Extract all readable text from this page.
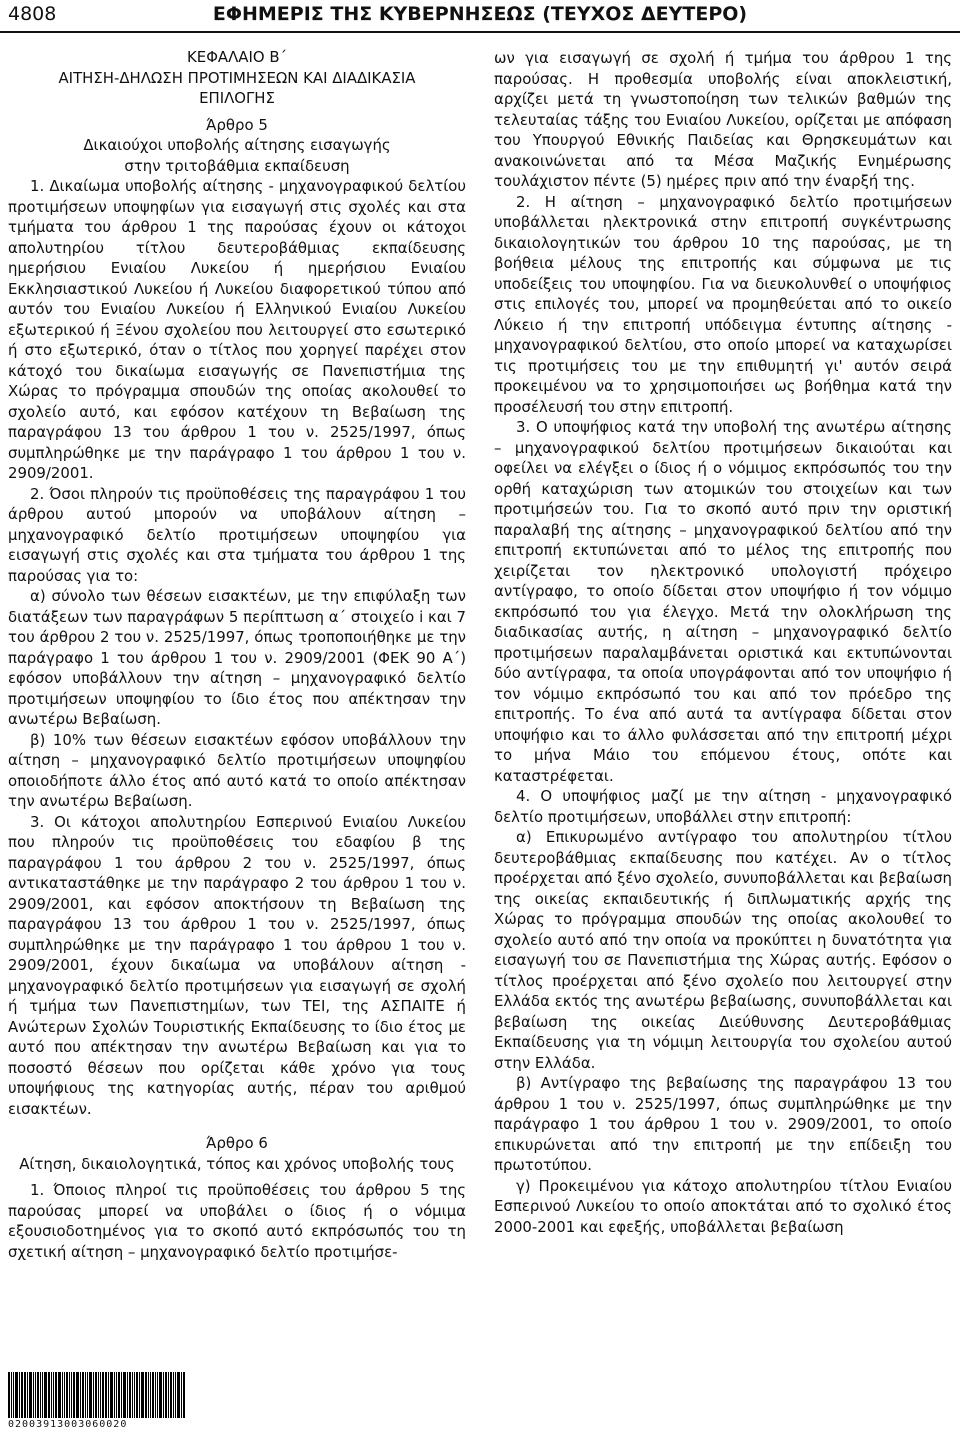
4808	ΕΦΗΜΕΡΙΣ ΤΗΣ ΚΥΒΕΡΝΗΣΕΩΣ (ΤΕΥΧΟΣ ΔΕΥΤΕΡΟ)

ΚΕΦΑΛΑΙΟ Β΄

ΑΙΤΗΣΗ-ΔΗΛΩΣΗ ΠΡΟΤΙΜΗΣΕΩΝ ΚΑΙ ΔΙΑΔΙΚΑΣΙΑ

ΕΠΙΛΟΓΗΣ

Άρθρο 5

Δικαιούχοι υποβολής αίτησης εισαγωγής

στην τριτοβάθμια εκπαίδευση

1. Δικαίωμα υποβολής αίτησης - μηχανογραφικού δελτίου προτιμήσεων υποψηφίων για εισαγωγή στις σχολές και στα τμήματα του άρθρου 1 της παρούσας έχουν οι κάτοχοι απολυτηρίου τίτλου δευτεροβάθμιας εκπαίδευσης ημερήσιου Ενιαίου Λυκείου ή ημερήσιου Ενιαίου Εκκλησιαστικού Λυκείου ή Λυκείου διαφορετικού τύπου από αυτόν του Ενιαίου Λυκείου ή Ελληνικού Ενιαίου Λυκείου εξωτερικού ή Ξένου σχολείου που λειτουργεί στο εσωτερικό ή στο εξωτερικό, όταν ο τίτλος που χορηγεί παρέχει στον κάτοχό του δικαίωμα εισαγωγής σε Πανεπιστήμια της Χώρας το πρόγραμμα σπουδών της οποίας ακολουθεί το σχολείο αυτό, και εφόσον κατέχουν τη Βεβαίωση της παραγράφου 13 του άρθρου 1 του ν. 2525/1997, όπως συμπληρώθηκε με την παράγραφο 1 του άρθρου 1 του ν. 2909/2001.

2. Όσοι πληρούν τις προϋποθέσεις της παραγράφου 1 του άρθρου αυτού μπορούν να υποβάλουν αίτηση – μηχανογραφικό δελτίο προτιμήσεων υποψηφίου για εισαγωγή στις σχολές και στα τμήματα του άρθρου 1 της παρούσας για το:

α) σύνολο των θέσεων εισακτέων, με την επιφύλαξη των διατάξεων των παραγράφων 5 περίπτωση α΄ στοιχείο i και 7 του άρθρου 2 του ν. 2525/1997, όπως τροποποιήθηκε με την παράγραφο 1 του άρθρου 1 του ν. 2909/2001 (ΦΕΚ 90 Α΄) εφόσον υποβάλλουν την αίτηση – μηχανογραφικό δελτίο προτιμήσεων υποψηφίου το ίδιο έτος που απέκτησαν την ανωτέρω Βεβαίωση.

β) 10% των θέσεων εισακτέων εφόσον υποβάλλουν την αίτηση – μηχανογραφικό δελτίο προτιμήσεων υποψηφίου οποιοδήποτε άλλο έτος από αυτό κατά το οποίο απέκτησαν την ανωτέρω Βεβαίωση.

3. Οι κάτοχοι απολυτηρίου Εσπερινού Ενιαίου Λυκείου που πληρούν τις προϋποθέσεις του εδαφίου β της παραγράφου 1 του άρθρου 2 του ν. 2525/1997, όπως αντικαταστάθηκε με την παράγραφο 2 του άρθρου 1 του ν. 2909/2001, και εφόσον αποκτήσουν τη Βεβαίωση της παραγράφου 13 του άρθρου 1 του ν. 2525/1997, όπως συμπληρώθηκε με την παράγραφο 1 του άρθρου 1 του ν. 2909/2001, έχουν δικαίωμα να υποβάλουν αίτηση - μηχανογραφικό δελτίο προτιμήσεων για εισαγωγή σε σχολή ή τμήμα των Πανεπιστημίων, των ΤΕΙ, της ΑΣΠΑΙΤΕ ή Ανώτερων Σχολών Τουριστικής Εκπαίδευσης το ίδιο έτος με αυτό που απέκτησαν την ανωτέρω Βεβαίωση και για το ποσοστό θέσεων που ορίζεται κάθε χρόνο για τους υποψήφιους της κατηγορίας αυτής, πέραν του αριθμού εισακτέων.

Άρθρο 6

Αίτηση, δικαιολογητικά, τόπος και χρόνος υποβολής τους

1. Όποιος πληροί τις προϋποθέσεις του άρθρου 5 της παρούσας μπορεί να υποβάλει ο ίδιος ή ο νόμιμα εξουσιοδοτημένος για το σκοπό αυτό εκπρόσωπός του τη σχετική αίτηση – μηχανογραφικό δελτίο προτιμήσε-

ων για εισαγωγή σε σχολή ή τμήμα του άρθρου 1 της παρούσας. Η προθεσμία υποβολής είναι αποκλειστική, αρχίζει μετά τη γνωστοποίηση των τελικών βαθμών της τελευταίας τάξης του Ενιαίου Λυκείου, ορίζεται με απόφαση του Υπουργού Εθνικής Παιδείας και Θρησκευμάτων και ανακοινώνεται από τα Μέσα Μαζικής Ενημέρωσης τουλάχιστον πέντε (5) ημέρες πριν από την έναρξή της.

2. Η αίτηση – μηχανογραφικό δελτίο προτιμήσεων υποβάλλεται ηλεκτρονικά στην επιτροπή συγκέντρωσης δικαιολογητικών του άρθρου 10 της παρούσας, με τη βοήθεια μέλους της επιτροπής και σύμφωνα με τις υποδείξεις του υποψηφίου. Για να διευκολυνθεί ο υποψήφιος στις επιλογές του, μπορεί να προμηθεύεται από το οικείο Λύκειο ή την επιτροπή υπόδειγμα έντυπης αίτησης - μηχανογραφικού δελτίου, στο οποίο μπορεί να καταχωρίσει τις προτιμήσεις του με την επιθυμητή γι' αυτόν σειρά προκειμένου να το χρησιμοποιήσει ως βοήθημα κατά την προσέλευσή του στην επιτροπή.

3. Ο υποψήφιος κατά την υποβολή της ανωτέρω αίτησης – μηχανογραφικού δελτίου προτιμήσεων δικαιούται και οφείλει να ελέγξει ο ίδιος ή ο νόμιμος εκπρόσωπός του την ορθή καταχώριση των ατομικών του στοιχείων και των προτιμήσεών του. Για το σκοπό αυτό πριν την οριστική παραλαβή της αίτησης – μηχανογραφικού δελτίου από την επιτροπή εκτυπώνεται από το μέλος της επιτροπής που χειρίζεται τον ηλεκτρονικό υπολογιστή πρόχειρο αντίγραφο, το οποίο δίδεται στον υποψήφιο ή τον νόμιμο εκπρόσωπό του για έλεγχο. Μετά την ολοκλήρωση της διαδικασίας αυτής, η αίτηση – μηχανογραφικό δελτίο προτιμήσεων παραλαμβάνεται οριστικά και εκτυπώνονται δύο αντίγραφα, τα οποία υπογράφονται από τον υποψήφιο ή τον νόμιμο εκπρόσωπό του και από τον πρόεδρο της επιτροπής. Το ένα από αυτά τα αντίγραφα δίδεται στον υποψήφιο και το άλλο φυλάσσεται από την επιτροπή μέχρι το μήνα Μάιο του επόμενου έτους, οπότε και καταστρέφεται.

4. Ο υποψήφιος μαζί με την αίτηση - μηχανογραφικό δελτίο προτιμήσεων, υποβάλλει στην επιτροπή:

α) Επικυρωμένο αντίγραφο του απολυτηρίου τίτλου δευτεροβάθμιας εκπαίδευσης που κατέχει. Αν ο τίτλος προέρχεται από ξένο σχολείο, συνυποβάλλεται και βεβαίωση της οικείας εκπαιδευτικής ή διπλωματικής αρχής της Χώρας το πρόγραμμα σπουδών της οποίας ακολουθεί το σχολείο αυτό από την οποία να προκύπτει η δυνατότητα για εισαγωγή του σε Πανεπιστήμια της Χώρας αυτής. Εφόσον ο τίτλος προέρχεται από ξένο σχολείο που λειτουργεί στην Ελλάδα εκτός της ανωτέρω βεβαίωσης, συνυποβάλλεται και βεβαίωση της οικείας Διεύθυνσης Δευτεροβάθμιας Εκπαίδευσης για τη νόμιμη λειτουργία του σχολείου αυτού στην Ελλάδα.

β) Αντίγραφο της βεβαίωσης της παραγράφου 13 του άρθρου 1 του ν. 2525/1997, όπως συμπληρώθηκε με την παράγραφο 1 του άρθρου 1 του ν. 2909/2001, το οποίο επικυρώνεται από την επιτροπή με την επίδειξη του πρωτοτύπου.

γ) Προκειμένου για κάτοχο απολυτηρίου τίτλου Ενιαίου Εσπερινού Λυκείου το οποίο αποκτάται από το σχολικό έτος 2000-2001 και εφεξής, υποβάλλεται βεβαίωση

02003913003060020
